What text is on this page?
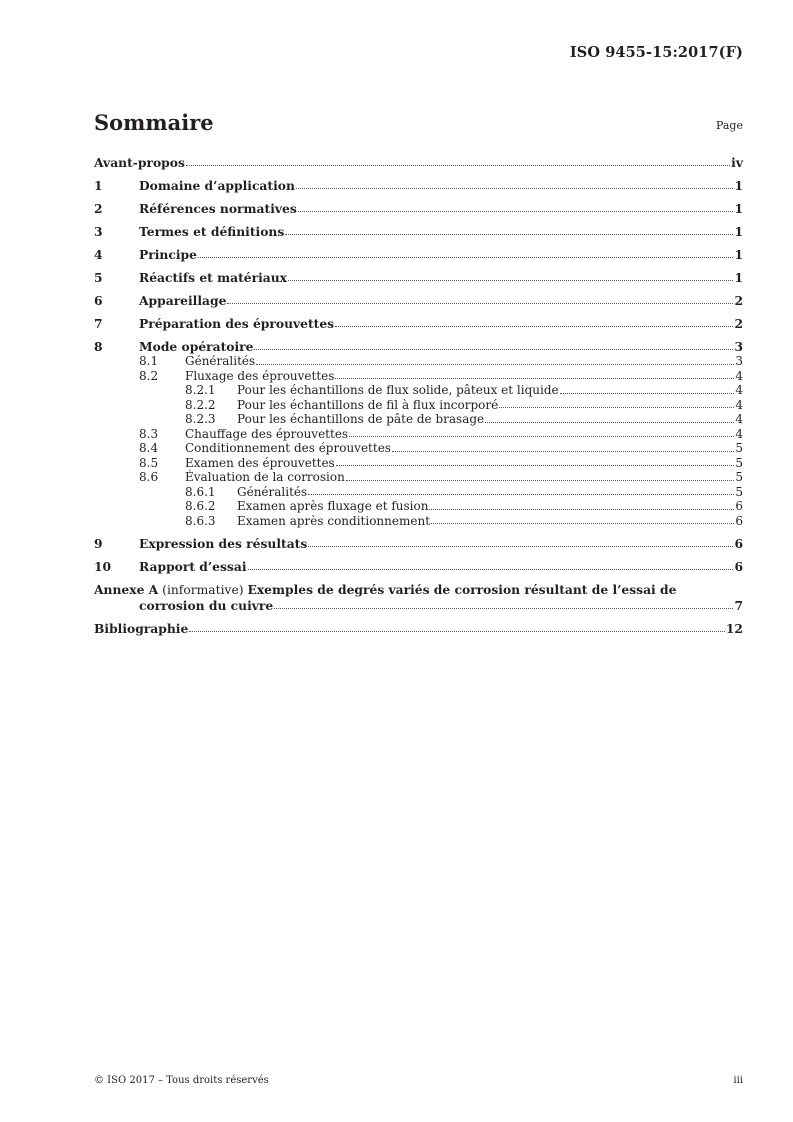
ISO 9455-15:2017(F)
Sommaire	Page
Avant-propos	iv
1	Domaine d’application	1
2	Références normatives	1
3	Termes et définitions	1
4	Principe	1
5	Réactifs et matériaux	1
6	Appareillage	2
7	Préparation des éprouvettes	2
8	Mode opératoire	3
8.1 Généralités	3
8.2 Fluxage des éprouvettes	4
8.2.1 Pour les échantillons de flux solide, pâteux et liquide	4
8.2.2 Pour les échantillons de fil à flux incorporé	4
8.2.3 Pour les échantillons de pâte de brasage	4
8.3 Chauffage des éprouvettes	4
8.4 Conditionnement des éprouvettes	5
8.5 Examen des éprouvettes	5
8.6 Évaluation de la corrosion	5
8.6.1 Généralités	5
8.6.2 Examen après fluxage et fusion	6
8.6.3 Examen après conditionnement	6
9	Expression des résultats	6
10 Rapport d’essai	6
Annexe A (informative) Exemples de degrés variés de corrosion résultant de l’essai de
corrosion du cuivre	7
Bibliographie	12
© ISO 2017 – Tous droits réservés	iii
